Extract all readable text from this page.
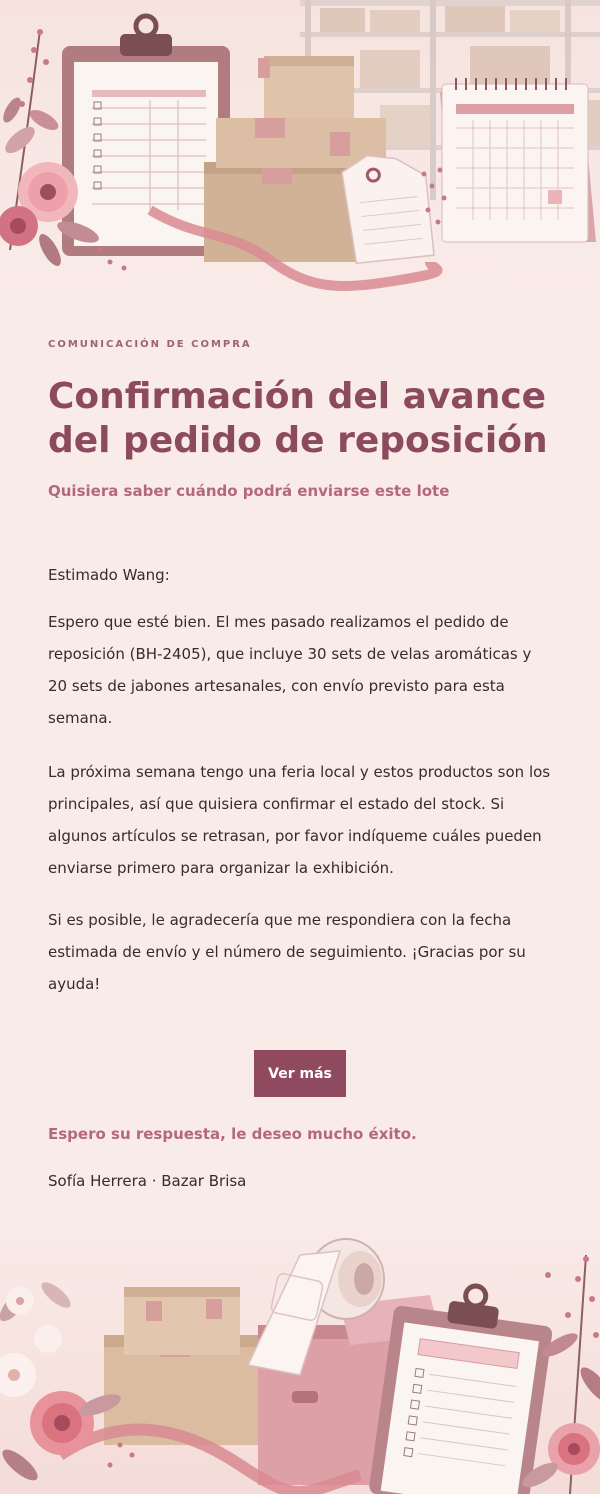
COMUNICACIÓN DE COMPRA
Confirmación del avance del pedido de reposición
Quisiera saber cuándo podrá enviarse este lote

Estimado Wang:

Espero que esté bien. El mes pasado realizamos el pedido de reposición (BH-2405), que incluye 30 sets de velas aromáticas y 20 sets de jabones artesanales, con envío previsto para esta semana.

La próxima semana tengo una feria local y estos productos son los principales, así que quisiera confirmar el estado del stock. Si algunos artículos se retrasan, por favor indíqueme cuáles pueden enviarse primero para organizar la exhibición.

Si es posible, le agradecería que me respondiera con la fecha estimada de envío y el número de seguimiento. ¡Gracias por su ayuda!

Ver más
Espero su respuesta, le deseo mucho éxito.
Sofía Herrera · Bazar Brisa
